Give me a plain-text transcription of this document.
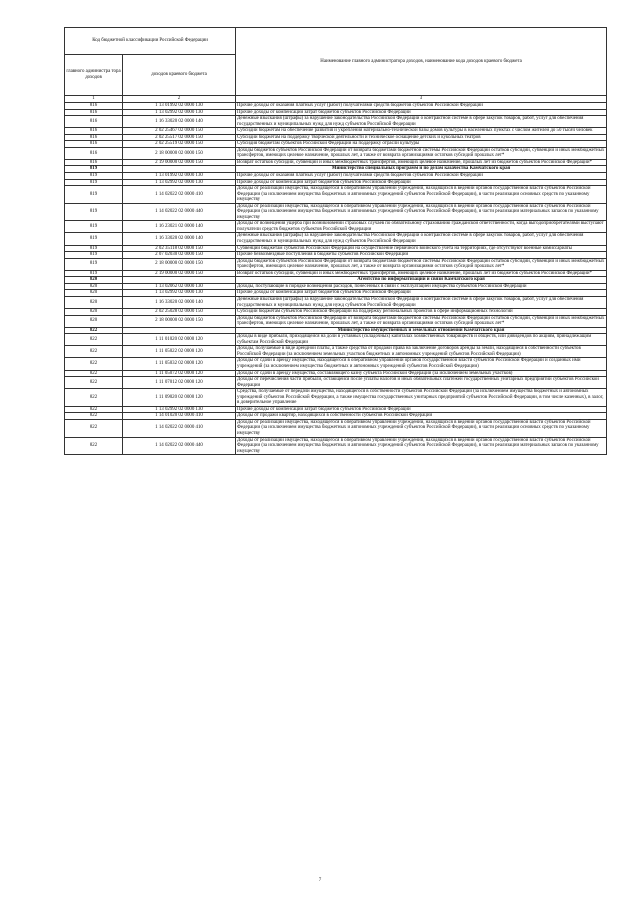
Код бюджетной классификации Российской Федерации		Наименование главного администратора доходов, наименование кода доходов краевого бюджета
главного администра тора доходов	доходов краевого бюджета	
1	2	3
816	1 13 01992 02 0000 130	Прочие доходы от оказания платных услуг (работ) получателями средств бюджетов субъектов Российской Федерации
816	1 13 02992 02 0000 130	Прочие доходы от компенсации затрат бюджетов субъектов Российской Федерации
816	1 16 33020 02 0000 140	Денежные взыскания (штрафы) за нарушение законодательства Российской Федерации о контрактной системе в сфере закупок товаров, работ, услуг для обеспечения государственных и муниципальных нужд для нужд субъектов Российской Федерации
816	2 02 25467 02 0000 150	Субсидии бюджетам на обеспечение развития и укрепления материально-технической базы домов культуры в населенных пунктах с числом жителей до 50 тысяч человек
816	2 02 25517 02 0000 150	Субсидии бюджетам на поддержку творческой деятельности и техническое оснащение детских и кукольных театров
816	2 02 25519 02 0000 150	Субсидия бюджетам субъектов Российской Федерации на поддержку отрасли культуры
816	2 18 00000 02 0000 150	Доходы бюджетов субъектов Российской Федерации от возврата бюджетами бюджетной системы Российской Федерации остатков субсидий, субвенций и иных межбюджетных трансфертов, имеющих целевое назначение, прошлых лет, а также от возврата организациями остатков субсидий прошлых лет*
816	2 19 00000 02 0000 150	Возврат остатков субсидий, субвенций и иных межбюджетных трансфертов, имеющих целевое назначение, прошлых лет из бюджетов субъектов Российской Федерации*
819		Министерство специальных программ и по делам казачества Камчатского края
819	1 13 01992 02 0000 130	Прочие доходы от оказания платных услуг (работ) получателями средств бюджетов субъектов Российской Федерации
819	1 13 02992 02 0000 130	Прочие доходы от компенсации затрат бюджетов субъектов Российской Федерации
819	1 14 02022 02 0000 410	Доходы от реализации имущества, находящегося в оперативном управлении учреждений, находящихся в ведении органов государственной власти субъектов Российской Федерации (за исключением имущества бюджетных и автономных учреждений субъектов Российской Федерации), в части реализации основных средств по указанному имуществу
819	1 14 02022 02 0000 440	Доходы от реализации имущества, находящегося в оперативном управлении учреждений, находящихся в ведении органов государственной власти субъектов Российской Федерации (за исключением имущества бюджетных и автономных учреждений субъектов Российской Федерации), в части реализации материальных запасов по указанному имуществу
819	1 16 23021 02 0000 140	Доходы от возмещения ущерба при возникновении страховых случаев по обязательному страхованию гражданской ответственности, когда выгодоприобретателями выступают получатели средств бюджетов субъектов Российской Федерации
819	1 16 33020 02 0000 140	Денежные взыскания (штрафы) за нарушение законодательства Российской Федерации о контрактной системе в сфере закупок товаров, работ, услуг для обеспечения государственных и муниципальных нужд для нужд субъектов Российской Федерации
819	2 02 35118 02 0000 150	Субвенции бюджетам субъектов Российской Федерации на осуществление первичного воинского учета на территориях, где отсутствуют военные комиссариаты
819	2 07 02030 02 0000 150	Прочие безвозмездные поступления в бюджеты субъектов Российской Федерации
819	2 18 00000 02 0000 150	Доходы бюджетов субъектов Российской Федерации от возврата бюджетами бюджетной системы Российской Федерации остатков субсидий, субвенций и иных межбюджетных трансфертов, имеющих целевое назначение, прошлых лет, а также от возврата организациями остатков субсидий прошлых лет*
819	2 19 00000 02 0000 150	Возврат остатков субсидий, субвенций и иных межбюджетных трансфертов, имеющих целевое назначение, прошлых лет из бюджетов субъектов Российской Федерации*
820		Агентство по информатизации и связи Камчатского края
820	1 13 02062 02 0000 130	Доходы, поступающие в порядке возмещения расходов, понесенных в связи с эксплуатацией имущества субъектов Российской Федерации
820	1 13 02992 02 0000 130	Прочие доходы от компенсации затрат бюджетов субъектов Российской Федерации
820	1 16 33020 02 0000 140	Денежные взыскания (штрафы) за нарушение законодательства Российской Федерации о контрактной системе в сфере закупок товаров, работ, услуг для обеспечения государственных и муниципальных нужд для нужд субъектов Российской Федерации
820	2 02 25028 02 0000 150	Субсидии бюджетам субъектов Российской Федерации на поддержку региональных проектов в сфере информационных технологий
820	2 18 00000 02 0000 150	Доходы бюджетов субъектов Российской Федерации от возврата бюджетами бюджетной системы Российской Федерации остатков субсидий, субвенций и иных межбюджетных трансфертов, имеющих целевое назначение, прошлых лет, а также от возврата организациями остатков субсидий прошлых лет*
822		Министерство имущественных и земельных отношений Камчатского края
822	1 11 01020 02 0000 120	Доходы в виде прибыли, приходящейся на доли в уставных (складочных) капиталах хозяйственных товариществ и обществ, или дивидендов по акциям, принадлежащим субъектам Российской Федерации
822	1 11 05022 02 0000 120	Доходы, получаемые в виде арендной платы, а также средства от продажи права на заключение договоров аренды за земли, находящиеся в собственности субъектов Российской Федерации (за исключением земельных участков бюджетных и автономных учреждений субъектов Российской Федерации)
822	1 11 05032 02 0000 120	Доходы от сдачи в аренду имущества, находящегося в оперативном управлении органов государственной власти субъектов Российской Федерации и созданных ими учреждений (за исключением имущества бюджетных и автономных учреждений субъектов Российской Федерации)
822	1 11 05072 02 0000 120	Доходы от сдачи в аренду имущества, составляющего казну субъекта Российской Федерации (за исключением земельных участков)
822	1 11 07012 02 0000 120	Доходы от перечисления части прибыли, остающейся после уплаты налогов и иных обязательных платежей государственных унитарных предприятий субъектов Российской Федерации
822	1 11 09020 02 0000 120	Средства, получаемые от передачи имущества, находящегося в собственности субъектов Российской Федерации (за исключением имущества бюджетных и автономных учреждений субъектов Российской Федерации, а также имущества государственных унитарных предприятий субъектов Российской Федерации, в том числе казенных), в залог, в доверительное управление
822	1 13 02992 02 0000 130	Прочие доходы от компенсации затрат бюджетов субъектов Российской Федерации
822	1 14 01020 02 0000 410	Доходы от продажи квартир, находящихся в собственности субъектов Российской Федерации
822	1 14 02022 02 0000 410	Доходы от реализации имущества, находящегося в оперативном управлении учреждений, находящихся в ведении органов государственной власти субъектов Российской Федерации (за исключением имущества бюджетных и автономных учреждений субъектов Российской Федерации), в части реализации основных средств по указанному имуществу
822	1 14 02022 02 0000 440	Доходы от реализации имущества, находящегося в оперативном управлении учреждений, находящихся в ведении органов государственной власти субъектов Российской Федерации (за исключением имущества бюджетных и автономных учреждений субъектов Российской Федерации), в части реализации материальных запасов по указанному имуществу
7
